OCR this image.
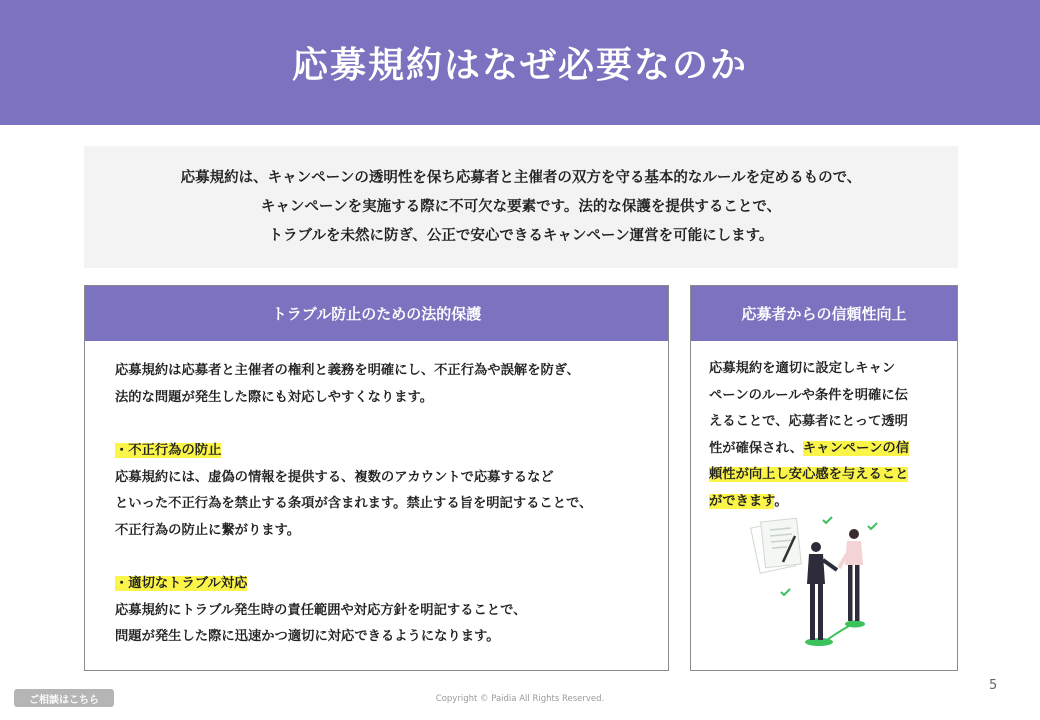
応募規約はなぜ必要なのか
応募規約は、キャンペーンの透明性を保ち応募者と主催者の双方を守る基本的なルールを定めるもので、
キャンペーンを実施する際に不可欠な要素です。法的な保護を提供することで、
トラブルを未然に防ぎ、公正で安心できるキャンペーン運営を可能にします。
トラブル防止のための法的保護
応募規約は応募者と主催者の権利と義務を明確にし、不正行為や誤解を防ぎ、
法的な問題が発生した際にも対応しやすくなります。
・不正行為の防止
応募規約には、虚偽の情報を提供する、複数のアカウントで応募するなど
といった不正行為を禁止する条項が含まれます。禁止する旨を明記することで、
不正行為の防止に繋がります。
・適切なトラブル対応
応募規約にトラブル発生時の責任範囲や対応方針を明記することで、
問題が発生した際に迅速かつ適切に対応できるようになります。
応募者からの信頼性向上
応募規約を適切に設定しキャン
ペーンのルールや条件を明確に伝
えることで、応募者にとって透明
性が確保され、キャンペーンの信
頼性が向上し安心感を与えること
ができます。
ご相談はこちら	Copyright © Paidia All Rights Reserved.
5
